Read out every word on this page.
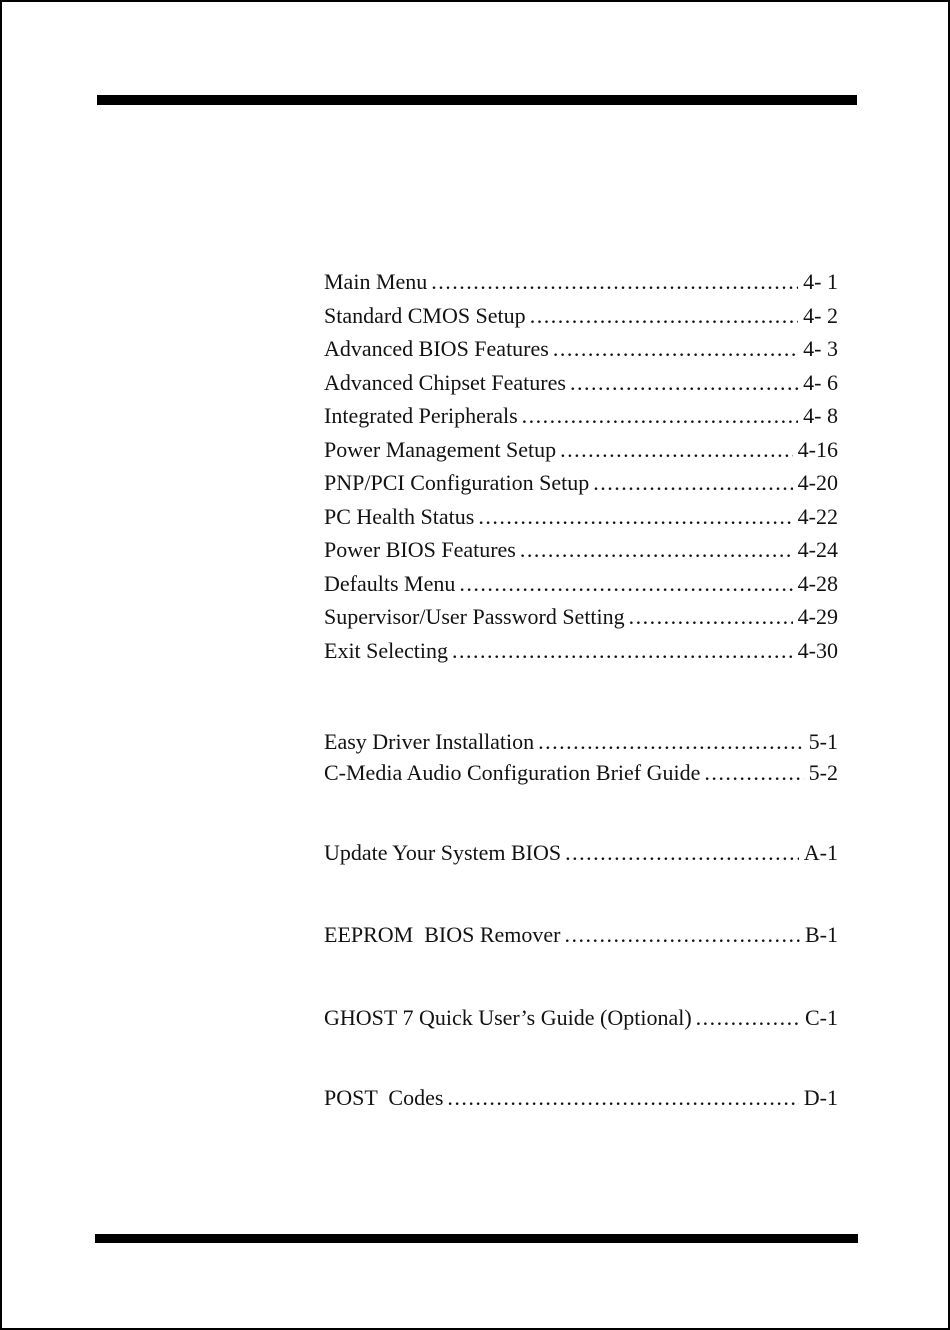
Main Menu .....	4- 1
Standard CMOS Setup .....	4- 2
Advanced BIOS Features .....	4- 3
Advanced Chipset Features .....	4- 6
Integrated Peripherals .....	4- 8
Power Management Setup .....	4-16
PNP/PCI Configuration Setup .....	4-20
PC Health Status .....	4-22
Power BIOS Features .....	4-24
Defaults Menu .....	4-28
Supervisor/User Password Setting .....	4-29
Exit Selecting .....	4-30
Easy Driver Installation .....	5-1
C-Media Audio Configuration Brief Guide .....	5-2
Update Your System BIOS .....	A-1
EEPROM  BIOS Remover .....	B-1
GHOST 7 Quick User’s Guide (Optional) .....	C-1
POST  Codes .....	D-1
